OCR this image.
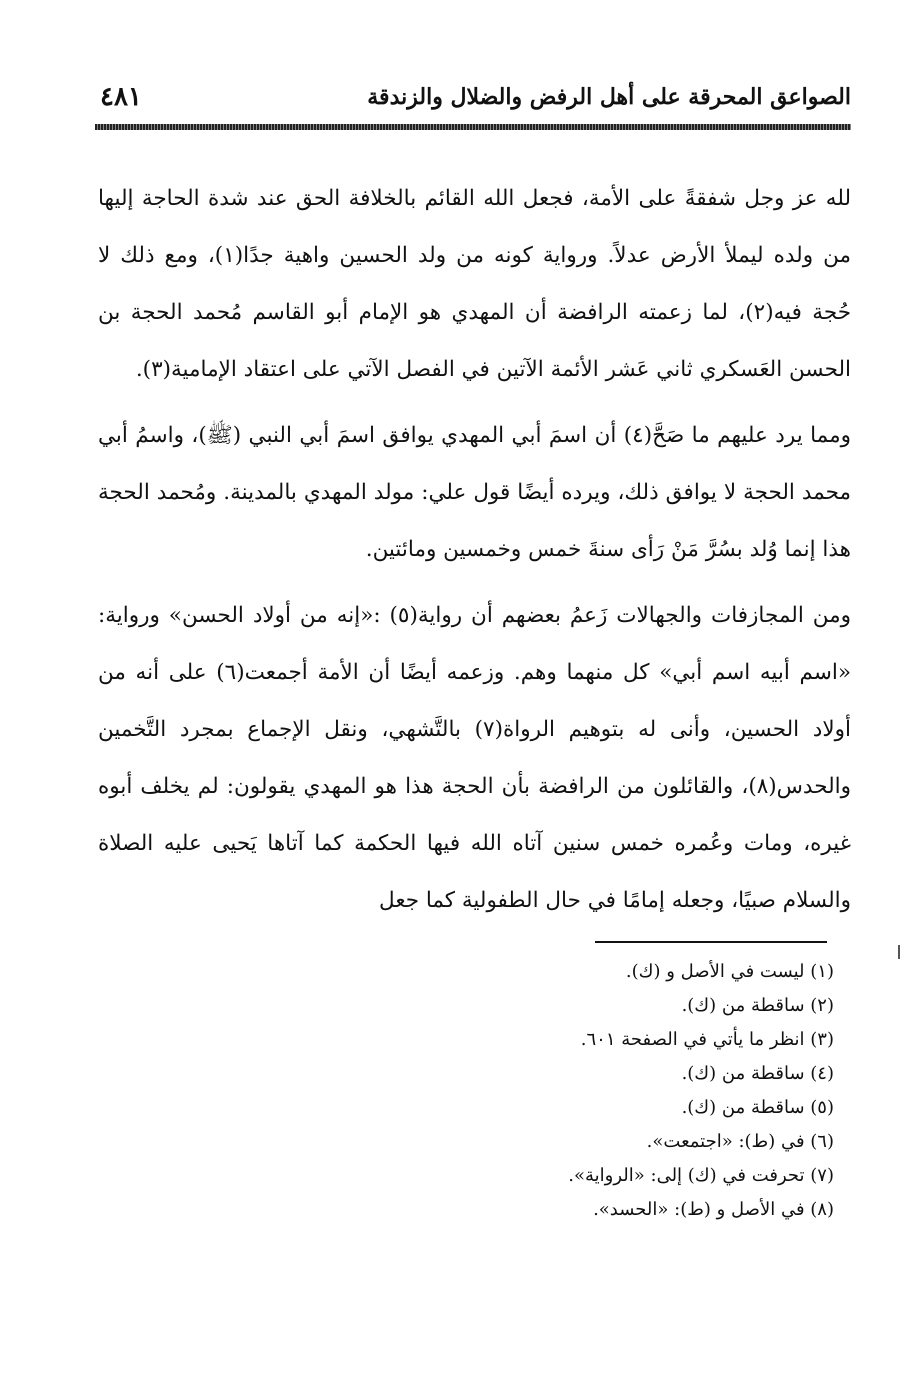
الصواعق المحرقة على أهل الرفض والضلال والزندقة
٤٨١

لله عز وجل شفقةً على الأمة، فجعل الله القائم بالخلافة الحق عند شدة الحاجة إليها من ولده ليملأ الأرض عدلاً. ورواية كونه من ولد الحسين واهية جدًا(١)، ومع ذلك لا حُجة فيه(٢)، لما زعمته الرافضة أن المهدي هو الإمام أبو القاسم مُحمد الحجة بن الحسن العَسكري ثاني عَشر الأئمة الآتين في الفصل الآتي على اعتقاد الإمامية(٣).

ومما يرد عليهم ما صَحَّ(٤) أن اسمَ أبي المهدي يوافق اسمَ أبي النبي (ﷺ)، واسمُ أبي محمد الحجة لا يوافق ذلك، ويرده أيضًا قول علي: مولد المهدي بالمدينة. ومُحمد الحجة هذا إنما وُلد بسُرَّ مَنْ رَأى سنةَ خمس وخمسين ومائتين.

ومن المجازفات والجهالات زَعمُ بعضهم أن رواية(٥) :«إنه من أولاد الحسن» ورواية: «اسم أبيه اسم أبي» كل منهما وهم. وزعمه أيضًا أن الأمة أجمعت(٦) على أنه من أولاد الحسين، وأنى له بتوهيم الرواة(٧) بالتَّشهي، ونقل الإجماع بمجرد التَّخمين والحدس(٨)، والقائلون من الرافضة بأن الحجة هذا هو المهدي يقولون: لم يخلف أبوه غيره، ومات وعُمره خمس سنين آتاه الله فيها الحكمة كما آتاها يَحيى عليه الصلاة والسلام صبيًا، وجعله إمامًا في حال الطفولية كما جعل

(١) ليست في الأصل و (ك).
(٢) ساقطة من (ك).
(٣) انظر ما يأتي في الصفحة ٦٠١.
(٤) ساقطة من (ك).
(٥) ساقطة من (ك).
(٦) في (ط): «اجتمعت».
(٧) تحرفت في (ك) إلى: «الرواية».
(٨) في الأصل و (ط): «الحسد».
